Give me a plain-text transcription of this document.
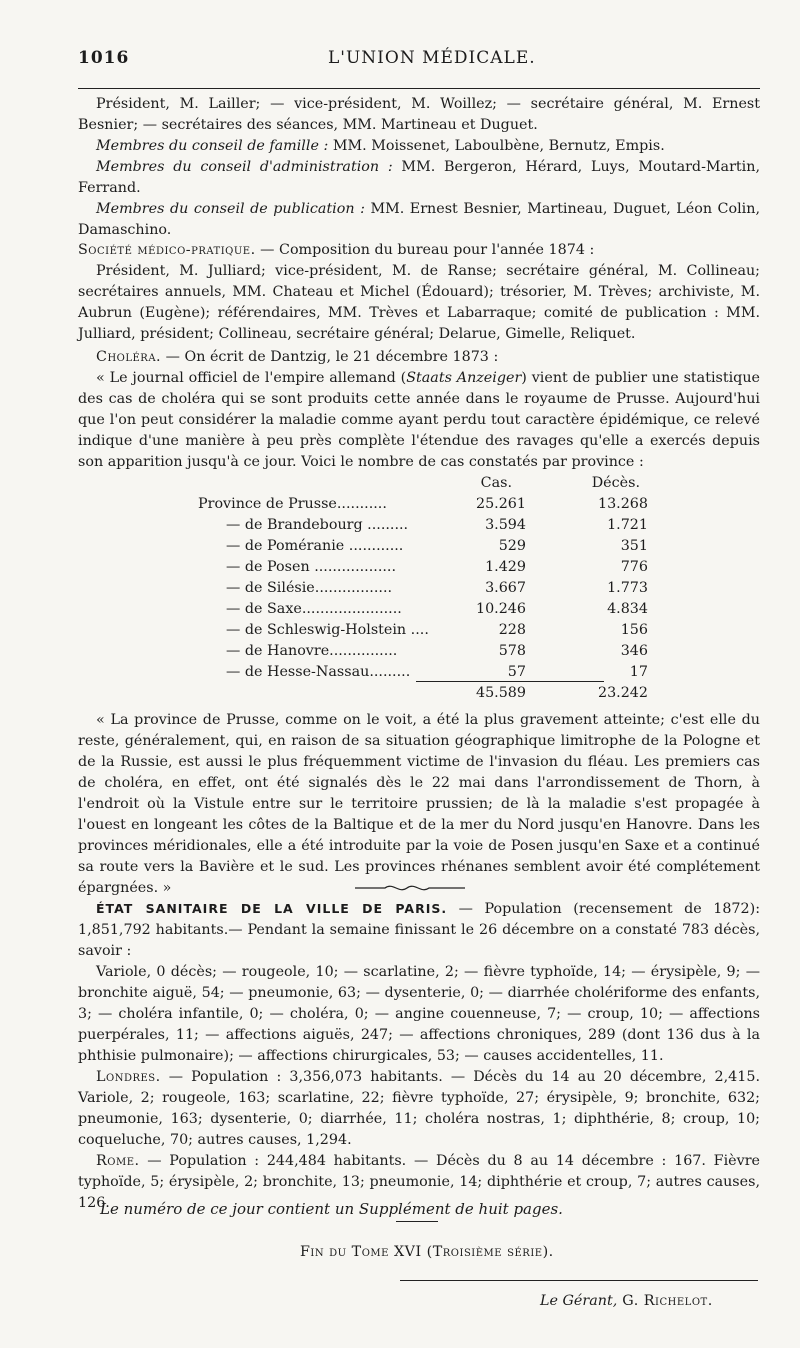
1016	L'UNION MÉDICALE.

Président, M. Lailler; — vice-président, M. Woillez; — secrétaire général, M. Ernest Besnier; — secrétaires des séances, MM. Martineau et Duguet.

Membres du conseil de famille : MM. Moissenet, Laboulbène, Bernutz, Empis.

Membres du conseil d'administration : MM. Bergeron, Hérard, Luys, Moutard-Martin, Ferrand.

Membres du conseil de publication : MM. Ernest Besnier, Martineau, Duguet, Léon Colin, Damaschino.

Société médico-pratique. — Composition du bureau pour l'année 1874 :

Président, M. Julliard; vice-président, M. de Ranse; secrétaire général, M. Collineau; secrétaires annuels, MM. Chateau et Michel (Édouard); trésorier, M. Trèves; archiviste, M. Aubrun (Eugène); référendaires, MM. Trèves et Labarraque; comité de publication : MM. Julliard, président; Collineau, secrétaire général; Delarue, Gimelle, Reliquet.

Choléra. — On écrit de Dantzig, le 21 décembre 1873 :

« Le journal officiel de l'empire allemand (Staats Anzeiger) vient de publier une statistique des cas de choléra qui se sont produits cette année dans le royaume de Prusse. Aujourd'hui que l'on peut considérer la maladie comme ayant perdu tout caractère épidémique, ce relevé indique d'une manière à peu près complète l'étendue des ravages qu'elle a exercés depuis son apparition jusqu'à ce jour. Voici le nombre de cas constatés par province :

Cas.	Décès.
Province de Prusse...........	25.261	13.268
— de Brandebourg .........	3.594	1.721
— de Poméranie ............	529	351
— de Posen ..................	1.429	776
— de Silésie.................	3.667	1.773
— de Saxe......................	10.246	4.834
— de Schleswig-Holstein ....	228	156
— de Hanovre...............	578	346
— de Hesse-Nassau.........	57	17
45.589	23.242

« La province de Prusse, comme on le voit, a été la plus gravement atteinte; c'est elle du reste, généralement, qui, en raison de sa situation géographique limitrophe de la Pologne et de la Russie, est aussi le plus fréquemment victime de l'invasion du fléau. Les premiers cas de choléra, en effet, ont été signalés dès le 22 mai dans l'arrondissement de Thorn, à l'endroit où la Vistule entre sur le territoire prussien; de là la maladie s'est propagée à l'ouest en longeant les côtes de la Baltique et de la mer du Nord jusqu'en Hanovre. Dans les provinces méridionales, elle a été introduite par la voie de Posen jusqu'en Saxe et a continué sa route vers la Bavière et le sud. Les provinces rhénanes semblent avoir été complétement épargnées. »

ÉTAT SANITAIRE DE LA VILLE DE PARIS. — Population (recensement de 1872): 1,851,792 habitants.— Pendant la semaine finissant le 26 décembre on a constaté 783 décès, savoir :

Variole, 0 décès; — rougeole, 10; — scarlatine, 2; — fièvre typhoïde, 14; — érysipèle, 9; — bronchite aiguë, 54; — pneumonie, 63; — dysenterie, 0; — diarrhée cholériforme des enfants, 3; — choléra infantile, 0; — choléra, 0; — angine couenneuse, 7; — croup, 10; — affections puerpérales, 11; — affections aiguës, 247; — affections chroniques, 289 (dont 136 dus à la phthisie pulmonaire); — affections chirurgicales, 53; — causes accidentelles, 11.

Londres. — Population : 3,356,073 habitants. — Décès du 14 au 20 décembre, 2,415. Variole, 2; rougeole, 163; scarlatine, 22; fièvre typhoïde, 27; érysipèle, 9; bronchite, 632; pneumonie, 163; dysenterie, 0; diarrhée, 11; choléra nostras, 1; diphthérie, 8; croup, 10; coqueluche, 70; autres causes, 1,294.

Rome. — Population : 244,484 habitants. — Décès du 8 au 14 décembre : 167. Fièvre typhoïde, 5; érysipèle, 2; bronchite, 13; pneumonie, 14; diphthérie et croup, 7; autres causes, 126.

Le numéro de ce jour contient un Supplément de huit pages.
Fin du Tome XVI (Troisième série).
Le Gérant, G. Richelot.
